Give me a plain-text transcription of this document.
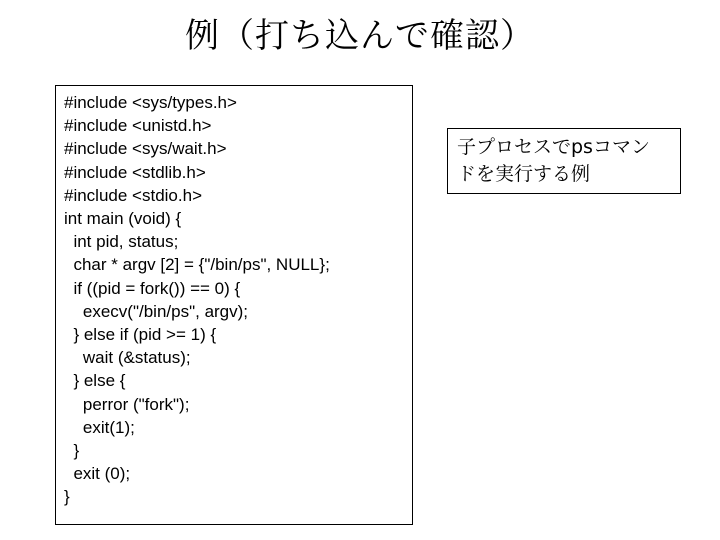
例（打ち込んで確認）
#include <sys/types.h>
#include <unistd.h>
#include <sys/wait.h>
#include <stdlib.h>
#include <stdio.h>
int main (void) {
int pid, status;
char * argv [2] = {"/bin/ps", NULL};
if ((pid = fork()) == 0) {
execv("/bin/ps", argv);
} else if (pid >= 1) {
wait (&status);
} else {
perror ("fork");
exit(1);
}
exit (0);
}
子プロセスでpsコマン
ドを実行する例
